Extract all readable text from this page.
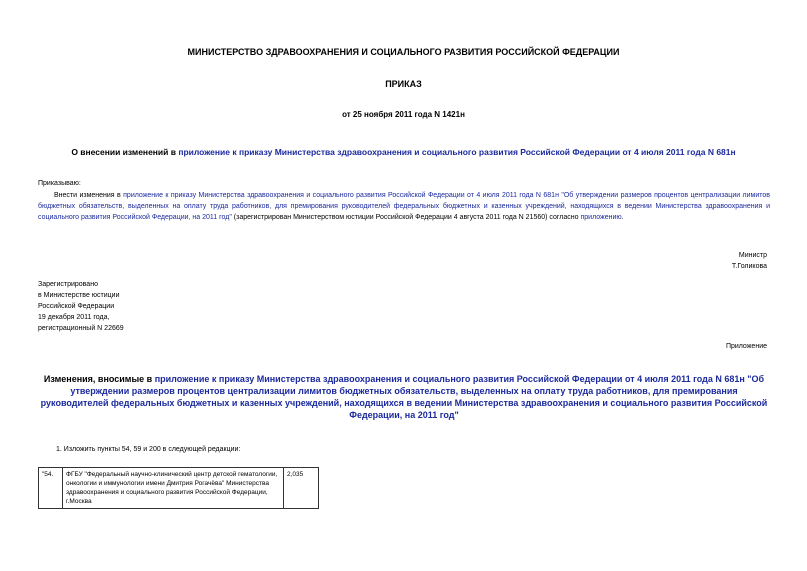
МИНИСТЕРСТВО ЗДРАВООХРАНЕНИЯ И СОЦИАЛЬНОГО РАЗВИТИЯ РОССИЙСКОЙ ФЕДЕРАЦИИ
ПРИКАЗ
от 25 ноября 2011 года N 1421н
О внесении изменений в приложение к приказу Министерства здравоохранения и социального развития Российской Федерации от 4 июля 2011 года N 681н
Приказываю:
Внести изменения в приложение к приказу Министерства здравоохранения и социального развития Российской Федерации от 4 июля 2011 года N 681н "Об утверждении размеров процентов централизации лимитов бюджетных обязательств, выделенных на оплату труда работников, для премирования руководителей федеральных бюджетных и казенных учреждений, находящихся в ведении Министерства здравоохранения и социального развития Российской Федерации, на 2011 год" (зарегистрирован Министерством юстиции Российской Федерации 4 августа 2011 года N 21560) согласно приложению.
Министр
Т.Голикова
Зарегистрировано
в Министерстве юстиции
Российской Федерации
19 декабря 2011 года,
регистрационный N 22669
Приложение
Изменения, вносимые в приложение к приказу Министерства здравоохранения и социального развития Российской Федерации от 4 июля 2011 года N 681н "Об утверждении размеров процентов централизации лимитов бюджетных обязательств, выделенных на оплату труда работников, для премирования руководителей федеральных бюджетных и казенных учреждений, находящихся в ведении Министерства здравоохранения и социального развития Российской Федерации, на 2011 год"
1. Изложить пункты 54, 59 и 200 в следующей редакции:
"54.	ФГБУ "Федеральный научно-клинический центр детской гематологии, онкологии и иммунологии имени Дмитрия Рогачёва" Министерства здравоохранения и социального развития Российской Федерации, г.Москва	2,035
